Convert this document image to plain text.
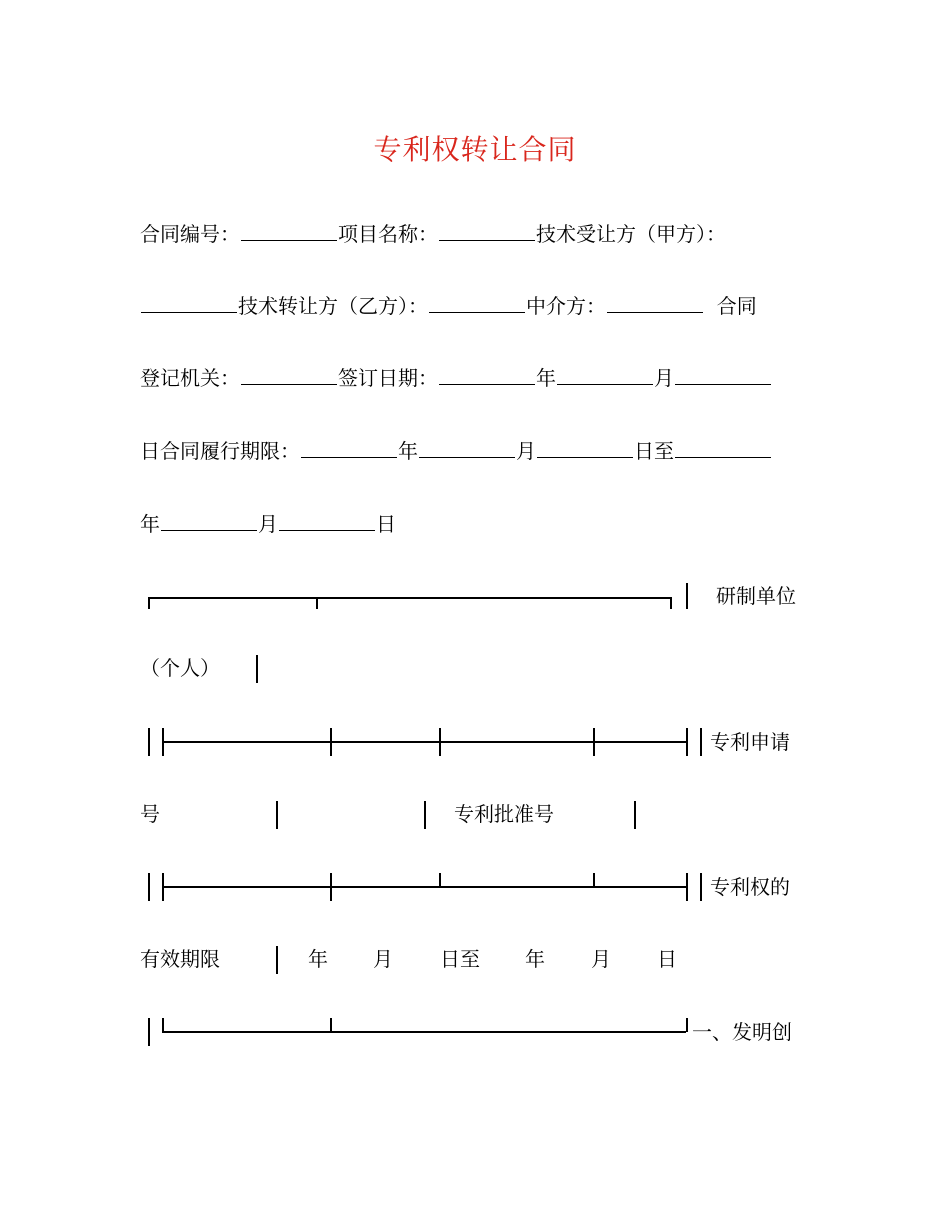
专利权转让合同
合同编号：	项目名称：	技术受让方（甲方）：
技术转让方（乙方）：	中介方：	合同
登记机关：	签订日期：	年	月
日合同履行期限：	年	月	日至
年	月	日
研制单位
（个人）
专利申请
号	专利批准号
专利权的
有效期限	年 月 日至 年 月 日
一、发明创
